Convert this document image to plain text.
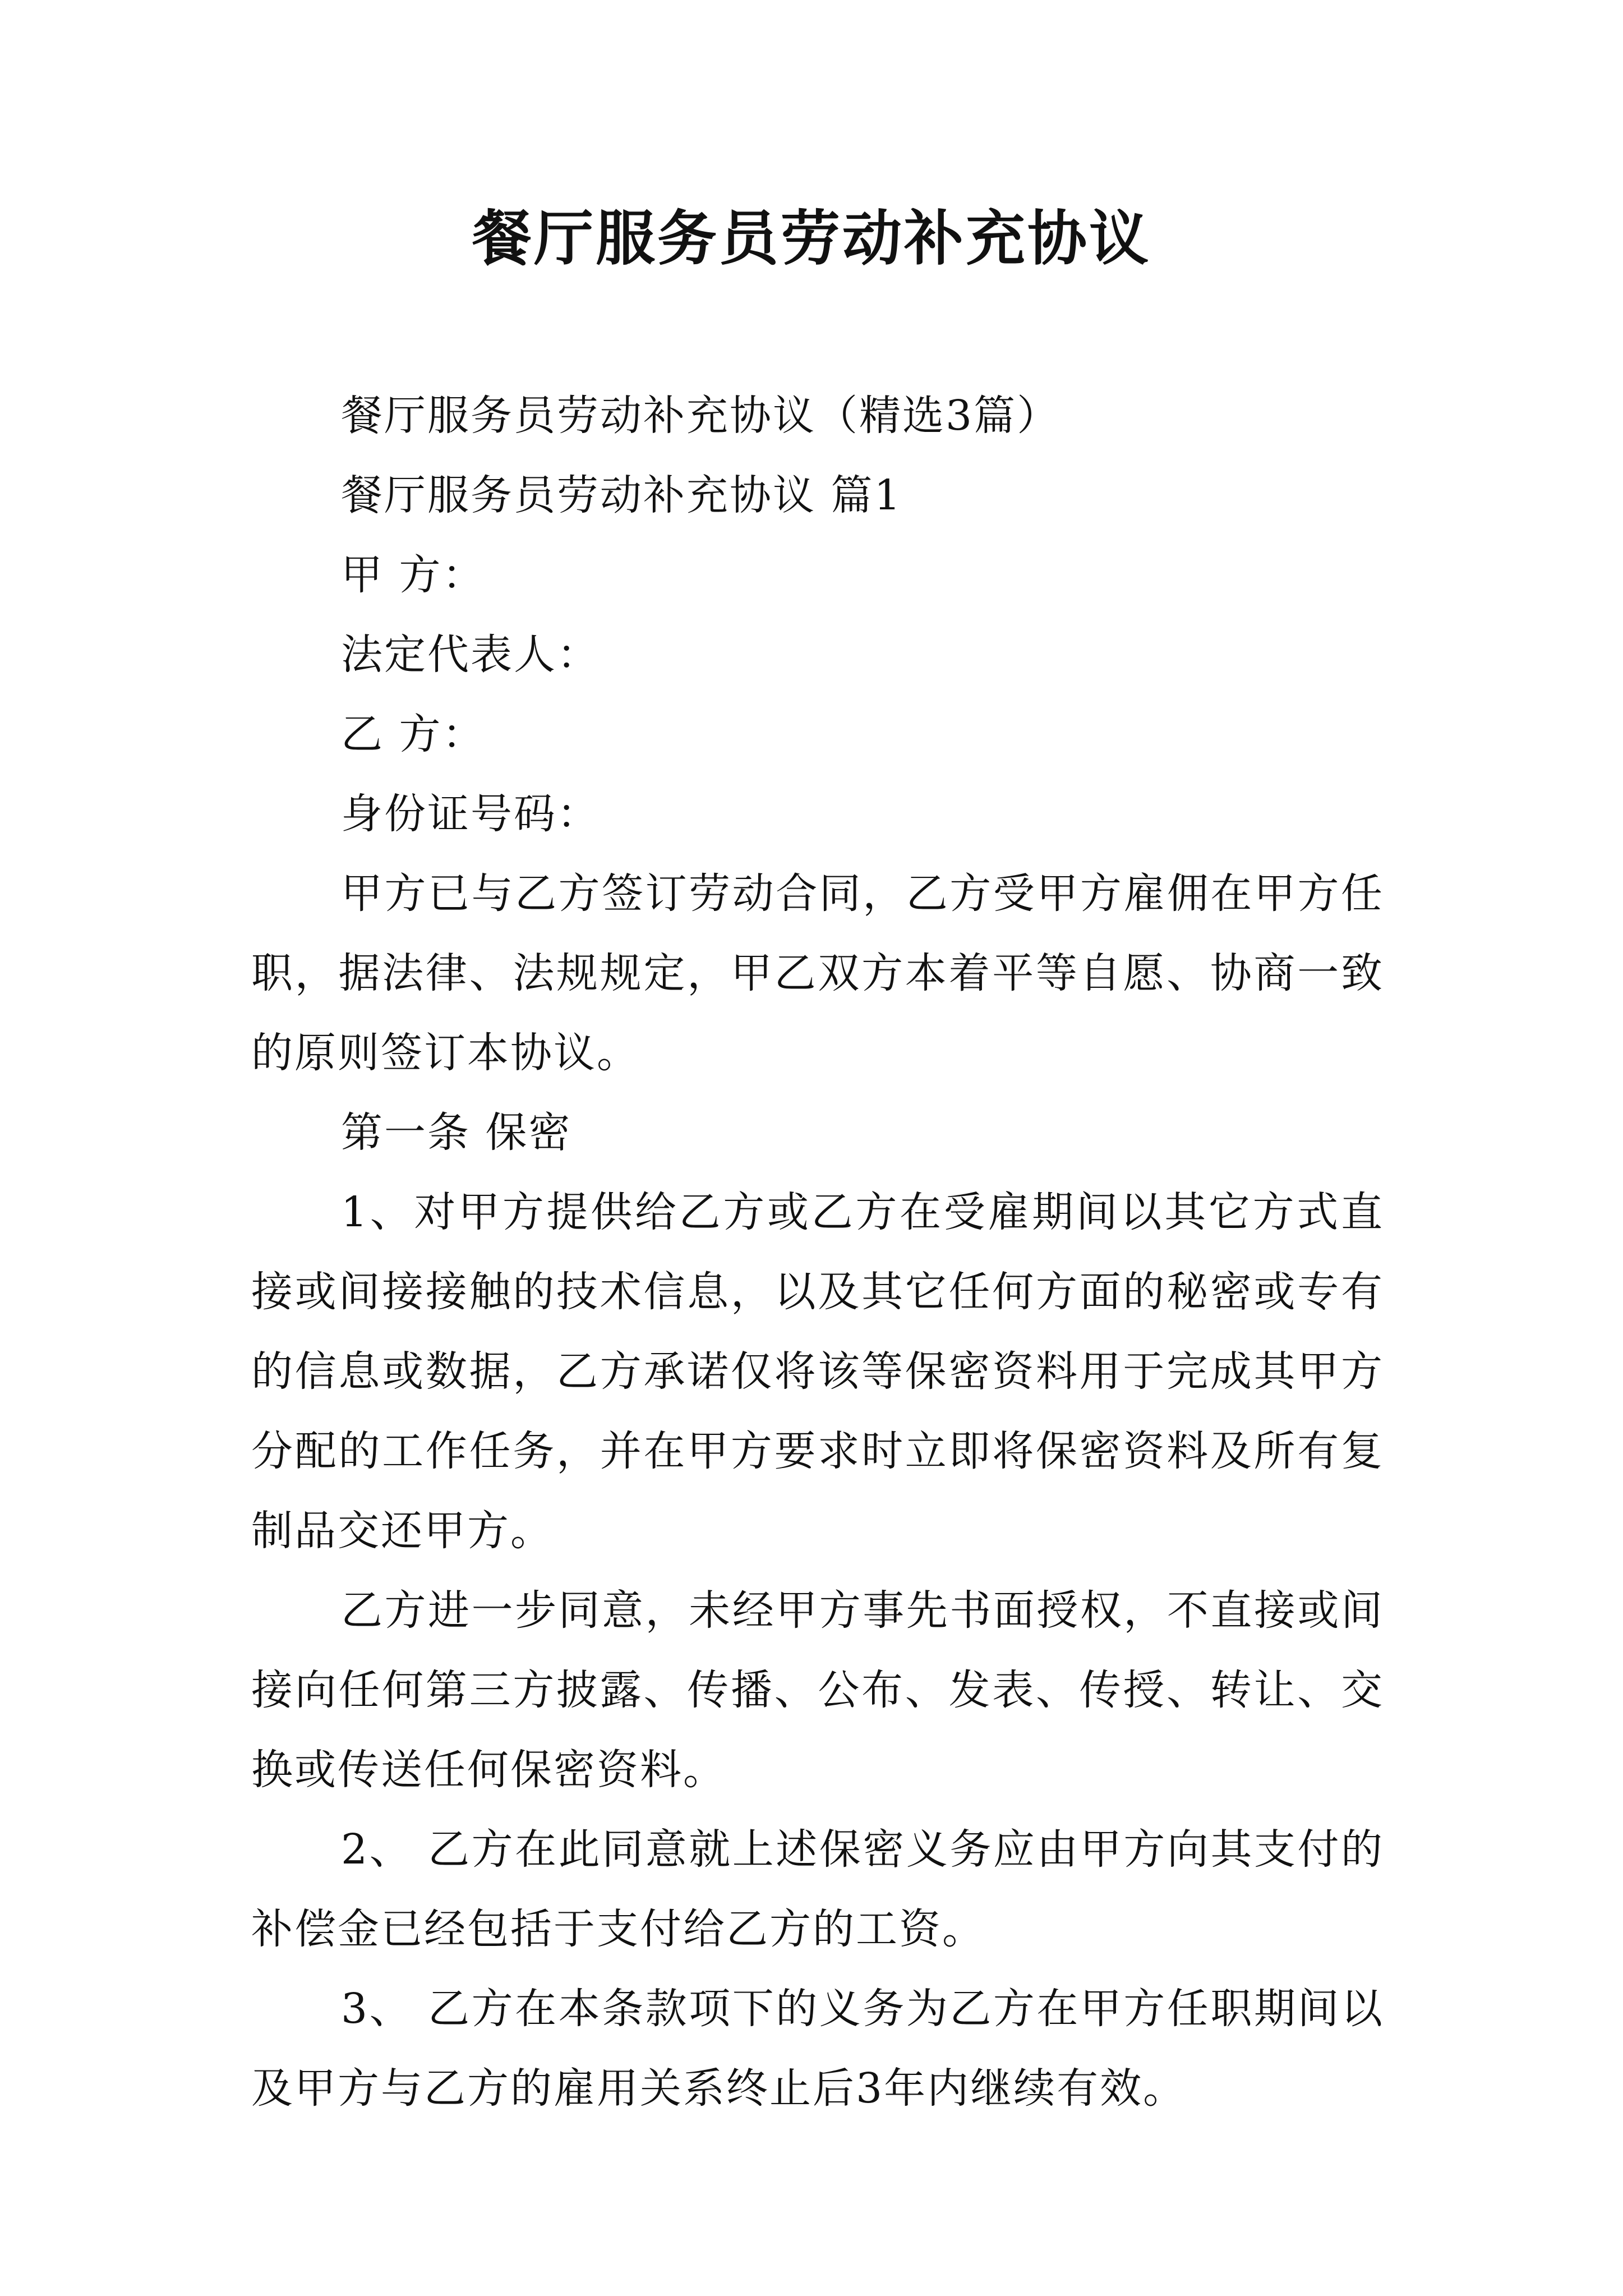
餐厅服务员劳动补充协议

餐厅服务员劳动补充协议（精选3篇）

餐厅服务员劳动补充协议 篇1

甲 方：

法定代表人：

乙 方：

身份证号码：

甲方已与乙方签订劳动合同，乙方受甲方雇佣在甲方任职，据法律、法规规定，甲乙双方本着平等自愿、协商一致的原则签订本协议。

第一条 保密

1、对甲方提供给乙方或乙方在受雇期间以其它方式直接或间接接触的技术信息，以及其它任何方面的秘密或专有的信息或数据，乙方承诺仅将该等保密资料用于完成其甲方分配的工作任务，并在甲方要求时立即将保密资料及所有复制品交还甲方。

乙方进一步同意，未经甲方事先书面授权，不直接或间接向任何第三方披露、传播、公布、发表、传授、转让、交换或传送任何保密资料。

2、 乙方在此同意就上述保密义务应由甲方向其支付的补偿金已经包括于支付给乙方的工资。

3、 乙方在本条款项下的义务为乙方在甲方任职期间以及甲方与乙方的雇用关系终止后3年内继续有效。
